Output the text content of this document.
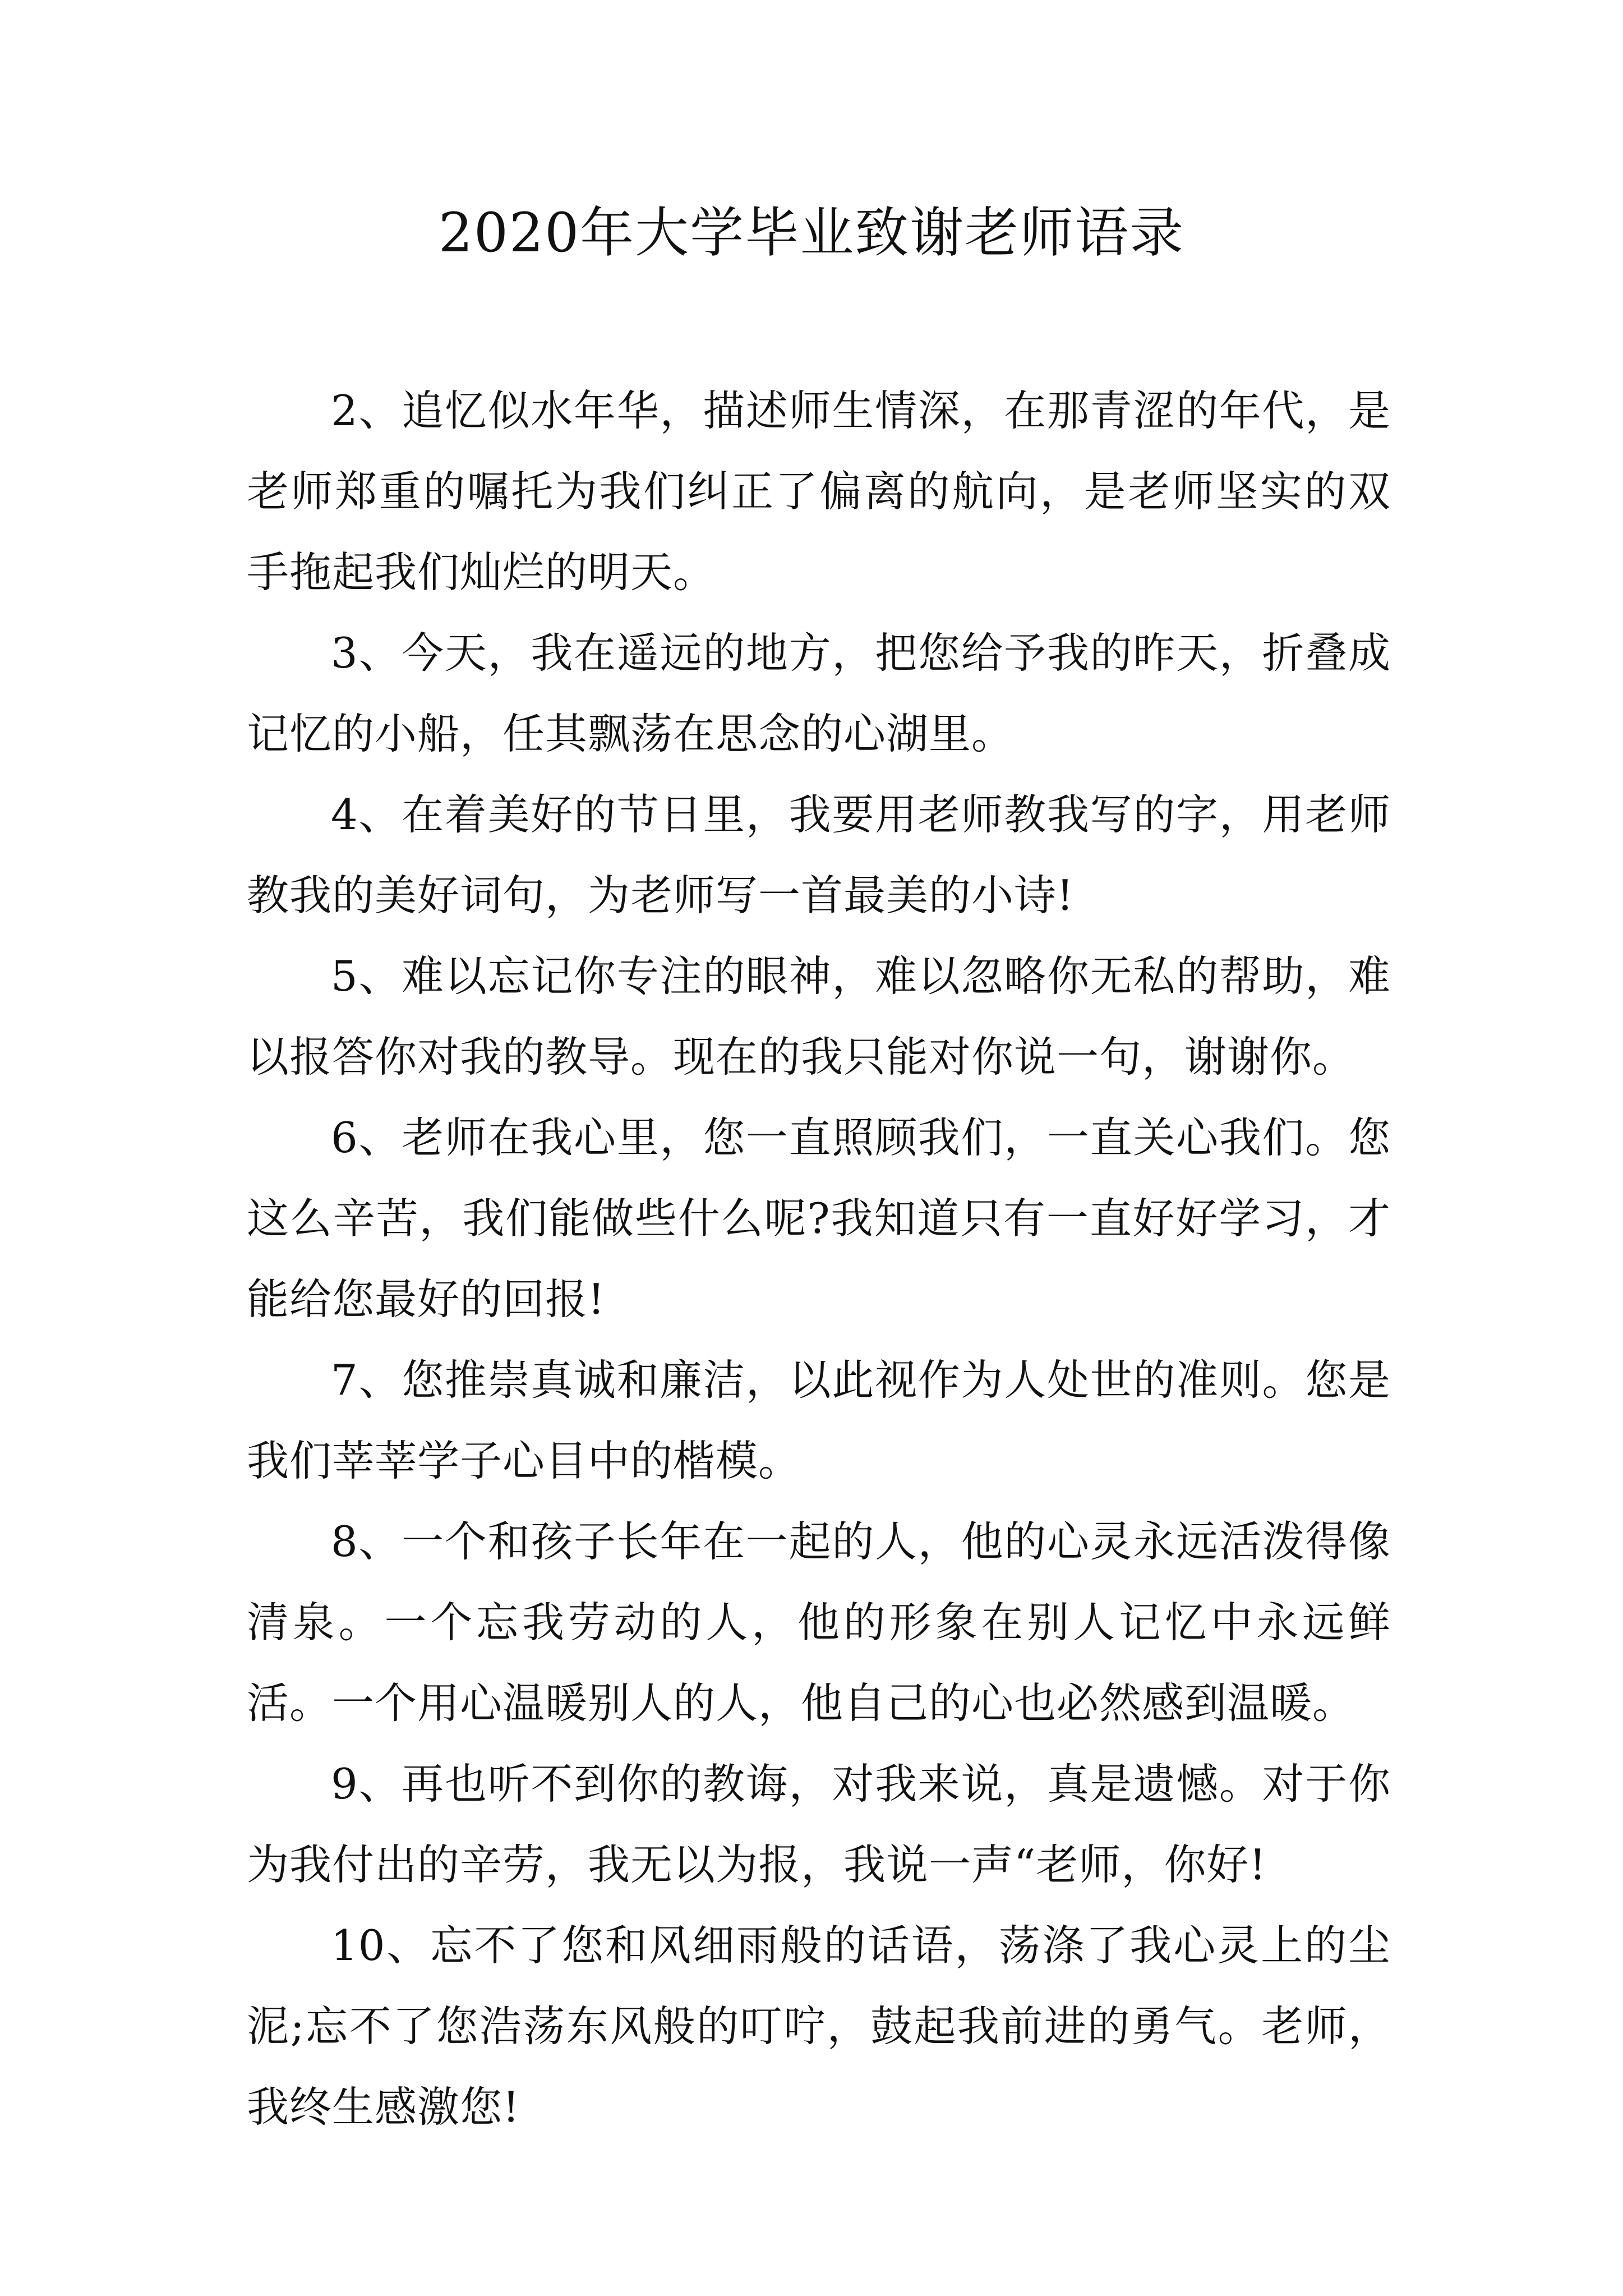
2020年大学毕业致谢老师语录

2、追忆似水年华，描述师生情深，在那青涩的年代，是老师郑重的嘱托为我们纠正了偏离的航向，是老师坚实的双手拖起我们灿烂的明天。

3、今天，我在遥远的地方，把您给予我的昨天，折叠成记忆的小船，任其飘荡在思念的心湖里。

4、在着美好的节日里，我要用老师教我写的字，用老师教我的美好词句，为老师写一首最美的小诗!

5、难以忘记你专注的眼神，难以忽略你无私的帮助，难以报答你对我的教导。现在的我只能对你说一句，谢谢你。

6、老师在我心里，您一直照顾我们，一直关心我们。您这么辛苦，我们能做些什么呢?我知道只有一直好好学习，才能给您最好的回报!

7、您推崇真诚和廉洁，以此视作为人处世的准则。您是我们莘莘学子心目中的楷模。

8、一个和孩子长年在一起的人，他的心灵永远活泼得像清泉。一个忘我劳动的人，他的形象在别人记忆中永远鲜活。一个用心温暖别人的人，他自己的心也必然感到温暖。

9、再也听不到你的教诲，对我来说，真是遗憾。对于你为我付出的辛劳，我无以为报，我说一声“老师，你好!

10、忘不了您和风细雨般的话语，荡涤了我心灵上的尘泥;忘不了您浩荡东风般的叮咛，鼓起我前进的勇气。老师，我终生感激您!
